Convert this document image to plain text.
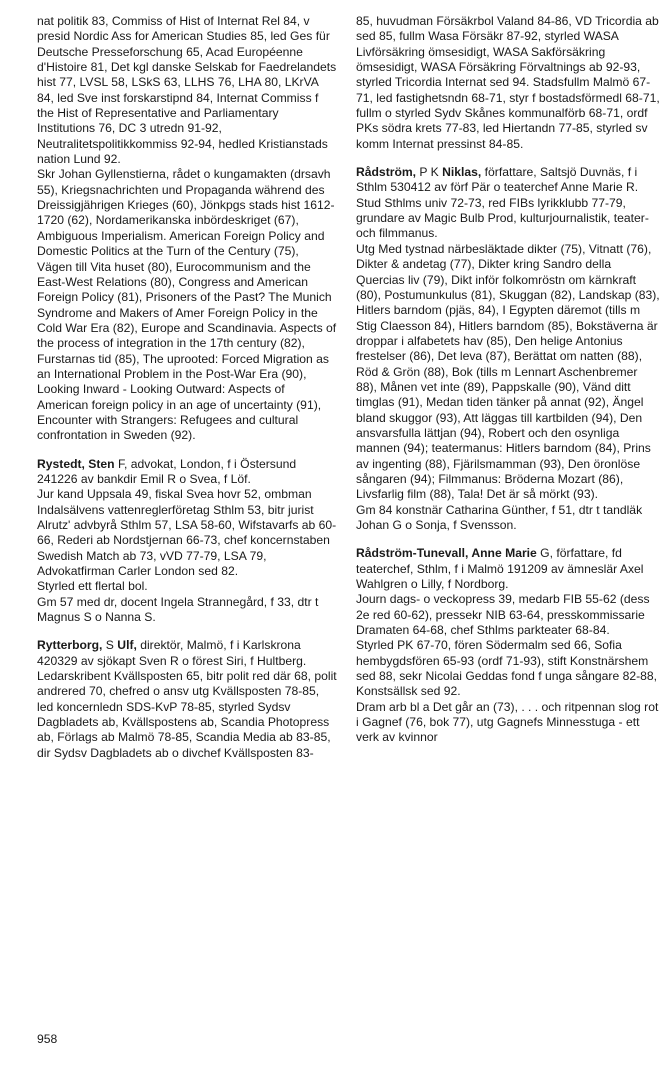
nat politik 83, Commiss of Hist of Internat Rel 84, v presid Nordic Ass for American Studies 85, led Ges für Deutsche Presseforschung 65, Acad Européenne d'Histoire 81, Det kgl danske Selskab for Faedrelandets hist 77, LVSL 58, LSkS 63, LLHS 76, LHA 80, LKrVA 84, led Sve inst forskarstipnd 84, Internat Commiss f the Hist of Representative and Parliamentary Institutions 76, DC 3 utredn 91-92, Neutralitetspolitikkommiss 92-94, hedled Kristianstads nation Lund 92.

Skr Johan Gyllenstierna, rådet o kungamakten (drsavh 55), Kriegsnachrichten und Propaganda während des Dreissigjährigen Krieges (60), Jönkpgs stads hist 1612-1720 (62), Nordamerikanska inbördeskriget (67), Ambiguous Imperialism. American Foreign Policy and Domestic Politics at the Turn of the Century (75), Vägen till Vita huset (80), Eurocommunism and the East-West Relations (80), Congress and American Foreign Policy (81), Prisoners of the Past? The Munich Syndrome and Makers of Amer Foreign Policy in the Cold War Era (82), Europe and Scandinavia. Aspects of the process of integration in the 17th century (82), Furstarnas tid (85), The uprooted: Forced Migration as an International Problem in the Post-War Era (90), Looking Inward - Looking Outward: Aspects of American foreign policy in an age of uncertainty (91), Encounter with Strangers: Refugees and cultural confrontation in Sweden (92).

Rystedt, Sten F, advokat, London, f i Östersund 241226 av bankdir Emil R o Svea, f Löf.

Jur kand Uppsala 49, fiskal Svea hovr 52, ombman Indalsälvens vattenreglerföretag Sthlm 53, bitr jurist Alrutz' advbyrå Sthlm 57, LSA 58-60, Wifstavarfs ab 60-66, Rederi ab Nordstjernan 66-73, chef koncernstaben Swedish Match ab 73, vVD 77-79, LSA 79, Advokatfirman Carler London sed 82.

Styrled ett flertal bol.

Gm 57 med dr, docent Ingela Strannegård, f 33, dtr t Magnus S o Nanna S.

Rytterborg, S Ulf, direktör, Malmö, f i Karlskrona 420329 av sjökapt Sven R o förest Siri, f Hultberg.

Ledarskribent Kvällsposten 65, bitr polit red där 68, polit andrered 70, chefred o ansv utg Kvällsposten 78-85, led koncernledn SDS-KvP 78-85, styrled Sydsv Dagbladets ab, Kvällspostens ab, Scandia Photopress ab, Förlags ab Malmö 78-85, Scandia Media ab 83-85, dir Sydsv Dagbladets ab o divchef Kvällsposten 83-

85, huvudman Försäkrbol Valand 84-86, VD Tricordia ab sed 85, fullm Wasa Försäkr 87-92, styrled WASA Livförsäkring ömsesidigt, WASA Sakförsäkring ömsesidigt, WASA Försäkring Förvaltnings ab 92-93, styrled Tricordia Internat sed 94. Stadsfullm Malmö 67-71, led fastighetsndn 68-71, styr f bostadsförmedl 68-71, fullm o styrled Sydv Skånes kommunalförb 68-71, ordf PKs södra krets 77-83, led Hiertandn 77-85, styrled sv komm Internat pressinst 84-85.

Rådström, P K Niklas, författare, Saltsjö Duvnäs, f i Sthlm 530412 av förf Pär o teaterchef Anne Marie R.

Stud Sthlms univ 72-73, red FIBs lyrikklubb 77-79, grundare av Magic Bulb Prod, kulturjournalistik, teater- och filmmanus.

Utg Med tystnad närbesläktade dikter (75), Vitnatt (76), Dikter & andetag (77), Dikter kring Sandro della Quercias liv (79), Dikt inför folkomröstn om kärnkraft (80), Postumunkulus (81), Skuggan (82), Landskap (83), Hitlers barndom (pjäs, 84), I Egypten däremot (tills m Stig Claesson 84), Hitlers barndom (85), Bokstäverna är droppar i alfabetets hav (85), Den helige Antonius frestelser (86), Det leva (87), Berättat om natten (88), Röd & Grön (88), Bok (tills m Lennart Aschenbremer 88), Månen vet inte (89), Pappskalle (90), Vänd ditt timglas (91), Medan tiden tänker på annat (92), Ängel bland skuggor (93), Att läggas till kartbilden (94), Den ansvarsfulla lättjan (94), Robert och den osynliga mannen (94); teatermanus: Hitlers barndom (84), Prins av ingenting (88), Fjärilsmamman (93), Den öronlöse sångaren (94); Filmmanus: Bröderna Mozart (86), Livsfarlig film (88), Tala! Det är så mörkt (93).

Gm 84 konstnär Catharina Günther, f 51, dtr t tandläk Johan G o Sonja, f Svensson.

Rådström-Tunevall, Anne Marie G, författare, fd teaterchef, Sthlm, f i Malmö 191209 av ämneslär Axel Wahlgren o Lilly, f Nordborg.

Journ dags- o veckopress 39, medarb FIB 55-62 (dess 2e red 60-62), pressekr NIB 63-64, presskommissarie Dramaten 64-68, chef Sthlms parkteater 68-84.

Styrled PK 67-70, fören Södermalm sed 66, Sofia hembygdsfören 65-93 (ordf 71-93), stift Konstnärshem sed 88, sekr Nicolai Geddas fond f unga sångare 82-88, Konstsällsk sed 92.

Dram arb bl a Det går an (73), . . . och ritpennan slog rot i Gagnef (76, bok 77), utg Gagnefs Minnesstuga - ett verk av kvinnor

958
